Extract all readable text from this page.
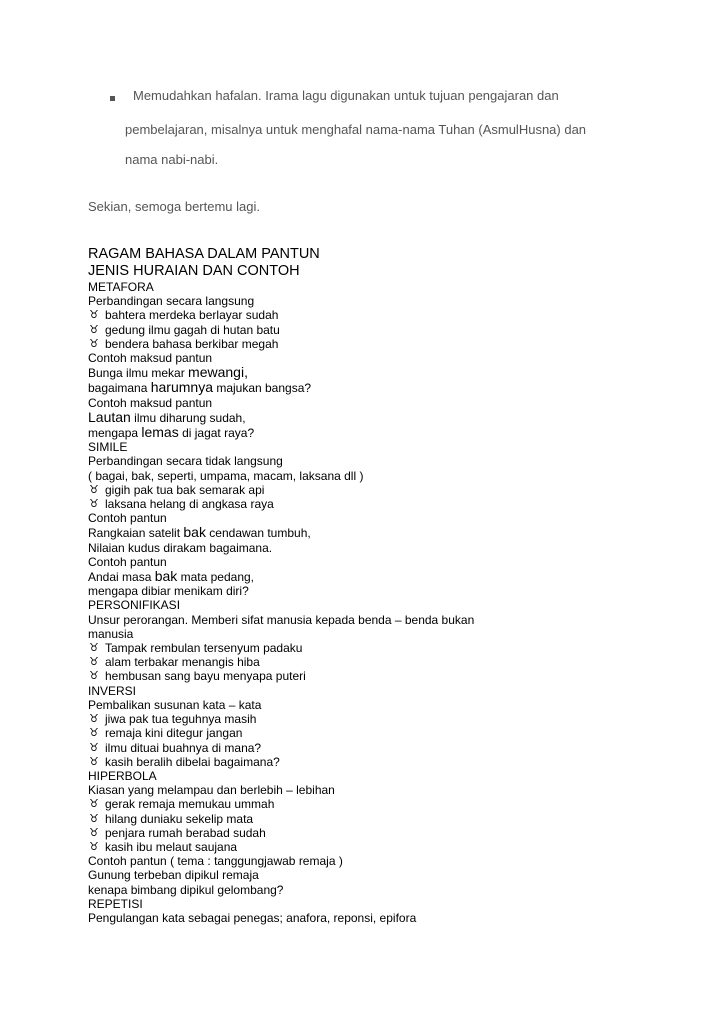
Memudahkan hafalan. Irama lagu digunakan untuk tujuan pengajaran dan
pembelajaran, misalnya untuk menghafal nama-nama Tuhan (AsmulHusna) dan
nama nabi-nabi.
Sekian, semoga bertemu lagi.
RAGAM BAHASA DALAM PANTUN
JENIS HURAIAN DAN CONTOH
METAFORA
Perbandingan secara langsung
♉ bahtera merdeka berlayar sudah
♉ gedung ilmu gagah di hutan batu
♉ bendera bahasa berkibar megah
Contoh maksud pantun
Bunga ilmu mekar mewangi,
bagaimana harumnya majukan bangsa?
Contoh maksud pantun
Lautan ilmu diharung sudah,
mengapa lemas di jagat raya?
SIMILE
Perbandingan secara tidak langsung
( bagai, bak, seperti, umpama, macam, laksana dll )
♉ gigih pak tua bak semarak api
♉ laksana helang di angkasa raya
Contoh pantun
Rangkaian satelit bak cendawan tumbuh,
Nilaian kudus dirakam bagaimana.
Contoh pantun
Andai masa bak mata pedang,
mengapa dibiar menikam diri?
PERSONIFIKASI
Unsur perorangan. Memberi sifat manusia kepada benda – benda bukan manusia
♉ Tampak rembulan tersenyum padaku
♉ alam terbakar menangis hiba
♉ hembusan sang bayu menyapa puteri
INVERSI
Pembalikan susunan kata – kata
♉ jiwa pak tua teguhnya masih
♉ remaja kini ditegur jangan
♉ ilmu dituai buahnya di mana?
♉ kasih beralih dibelai bagaimana?
HIPERBOLA
Kiasan yang melampau dan berlebih – lebihan
♉ gerak remaja memukau ummah
♉ hilang duniaku sekelip mata
♉ penjara rumah berabad sudah
♉ kasih ibu melaut saujana
Contoh pantun ( tema : tanggungjawab remaja )
Gunung terbeban dipikul remaja
kenapa bimbang dipikul gelombang?
REPETISI
Pengulangan kata sebagai penegas; anafora, reponsi, epifora
